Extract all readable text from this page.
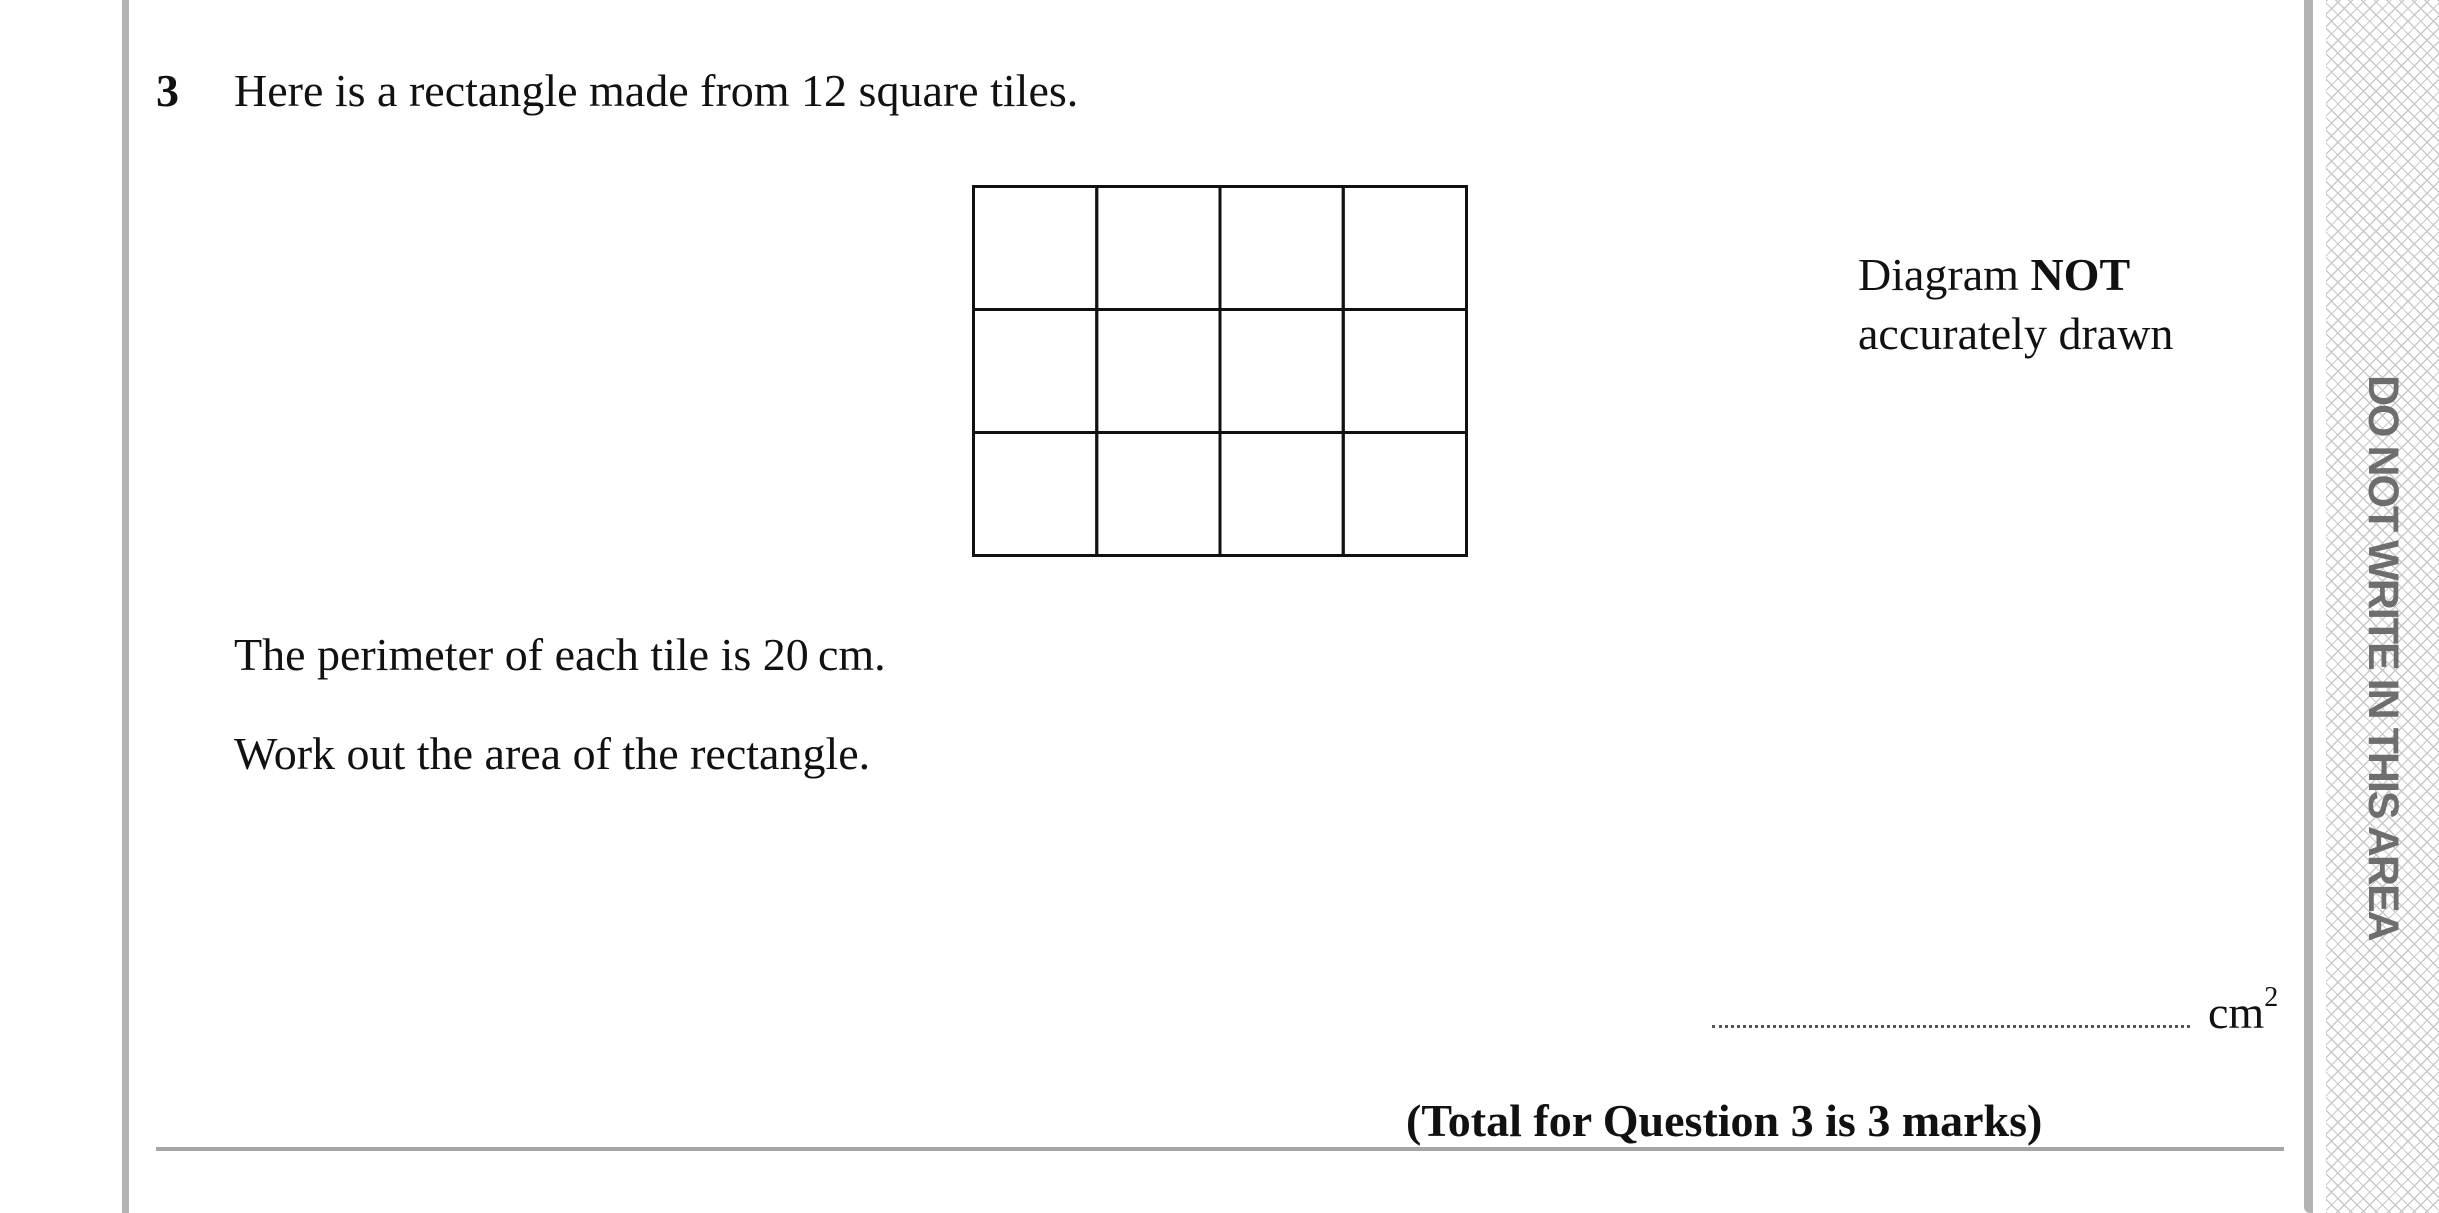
DO NOT WRITE IN THIS AREA
3 Here is a rectangle made from 12 square tiles.
Diagram NOT
accurately drawn
The perimeter of each tile is 20 cm.
Work out the area of the rectangle.
$cm^2$
(Total for Question 3 is 3 marks)
